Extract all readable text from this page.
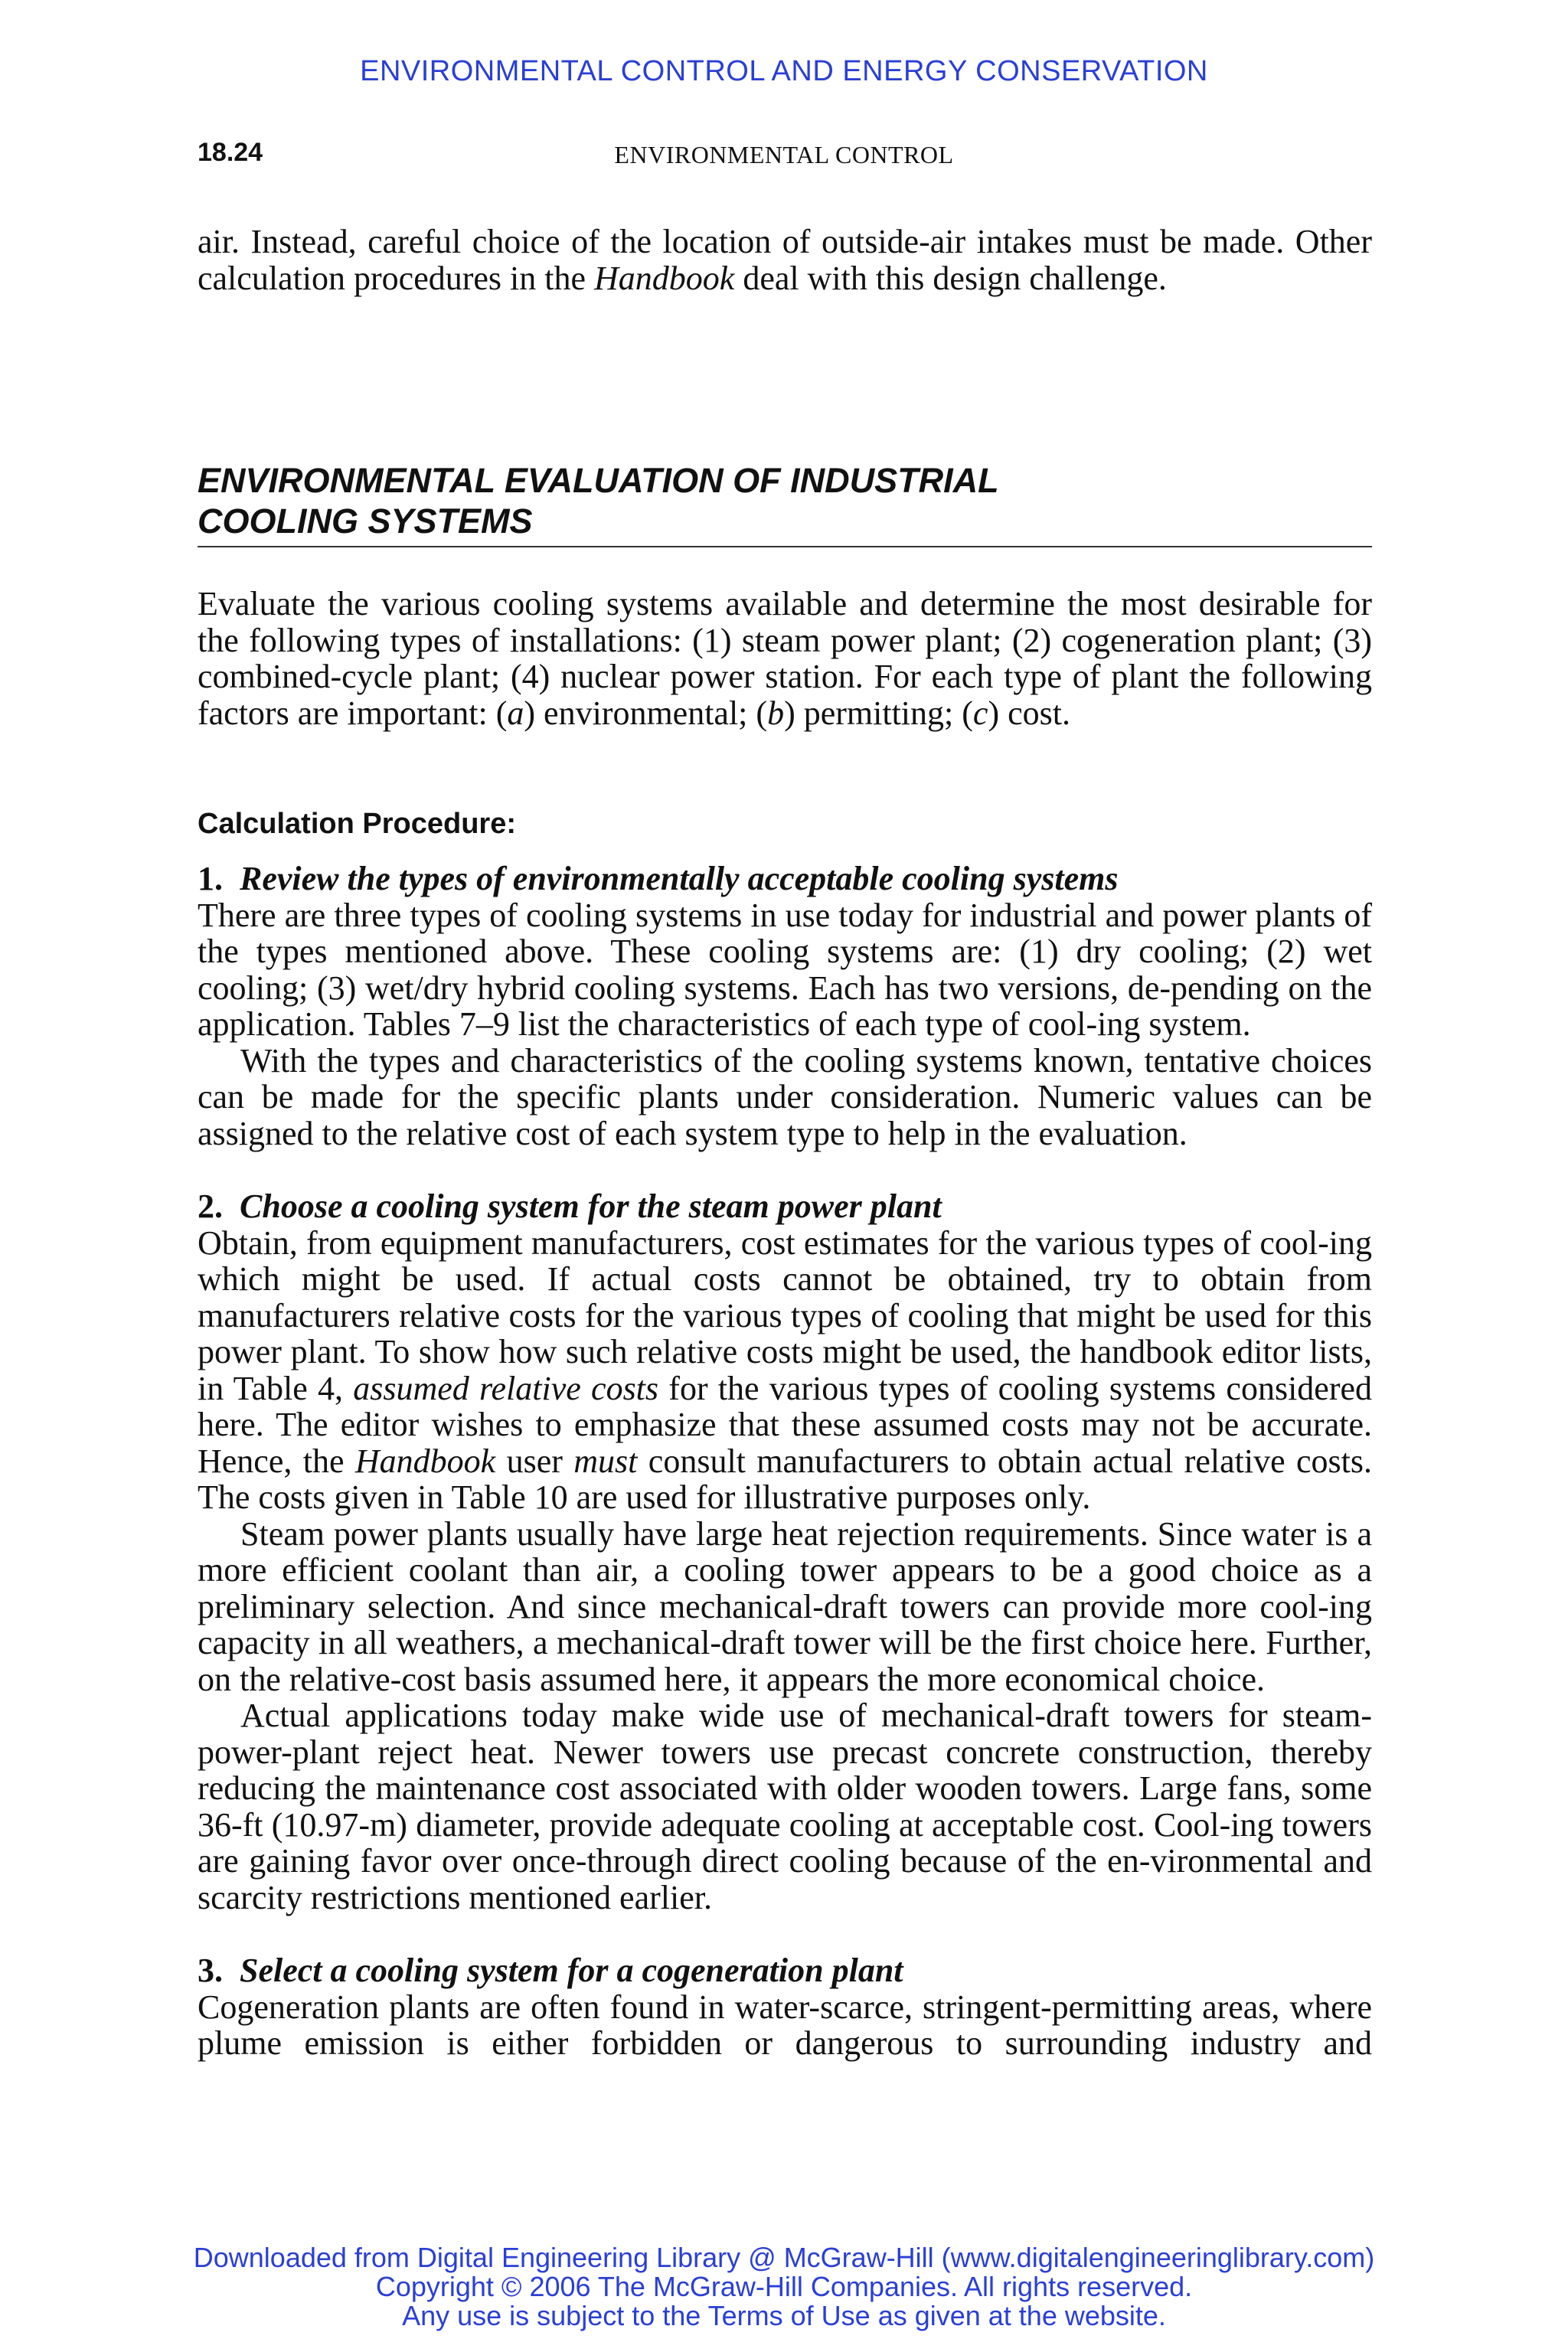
ENVIRONMENTAL CONTROL AND ENERGY CONSERVATION
18.24	ENVIRONMENTAL CONTROL

air. Instead, careful choice of the location of outside-air intakes must be made. Other calculation procedures in the Handbook deal with this design challenge.

ENVIRONMENTAL EVALUATION OF INDUSTRIAL
COOLING SYSTEMS

Evaluate the various cooling systems available and determine the most desirable for the following types of installations: (1) steam power plant; (2) cogeneration plant; (3) combined-cycle plant; (4) nuclear power station. For each type of plant the following factors are important: (a) environmental; (b) permitting; (c) cost.

Calculation Procedure:
1. Review the types of environmentally acceptable cooling systems

There are three types of cooling systems in use today for industrial and power plants of the types mentioned above. These cooling systems are: (1) dry cooling; (2) wet cooling; (3) wet/dry hybrid cooling systems. Each has two versions, de-pending on the application. Tables 7–9 list the characteristics of each type of cool-ing system.

With the types and characteristics of the cooling systems known, tentative choices can be made for the specific plants under consideration. Numeric values can be assigned to the relative cost of each system type to help in the evaluation.

2. Choose a cooling system for the steam power plant

Obtain, from equipment manufacturers, cost estimates for the various types of cool-ing which might be used. If actual costs cannot be obtained, try to obtain from manufacturers relative costs for the various types of cooling that might be used for this power plant. To show how such relative costs might be used, the handbook editor lists, in Table 4, assumed relative costs for the various types of cooling systems considered here. The editor wishes to emphasize that these assumed costs may not be accurate. Hence, the Handbook user must consult manufacturers to obtain actual relative costs. The costs given in Table 10 are used for illustrative purposes only.

Steam power plants usually have large heat rejection requirements. Since water is a more efficient coolant than air, a cooling tower appears to be a good choice as a preliminary selection. And since mechanical-draft towers can provide more cool-ing capacity in all weathers, a mechanical-draft tower will be the first choice here. Further, on the relative-cost basis assumed here, it appears the more economical choice.

Actual applications today make wide use of mechanical-draft towers for steam-power-plant reject heat. Newer towers use precast concrete construction, thereby reducing the maintenance cost associated with older wooden towers. Large fans, some 36-ft (10.97-m) diameter, provide adequate cooling at acceptable cost. Cool-ing towers are gaining favor over once-through direct cooling because of the en-vironmental and scarcity restrictions mentioned earlier.

3. Select a cooling system for a cogeneration plant

Cogeneration plants are often found in water-scarce, stringent-permitting areas, where plume emission is either forbidden or dangerous to surrounding industry and

Downloaded from Digital Engineering Library @ McGraw-Hill (www.digitalengineeringlibrary.com)
Copyright © 2006 The McGraw-Hill Companies. All rights reserved.
Any use is subject to the Terms of Use as given at the website.
